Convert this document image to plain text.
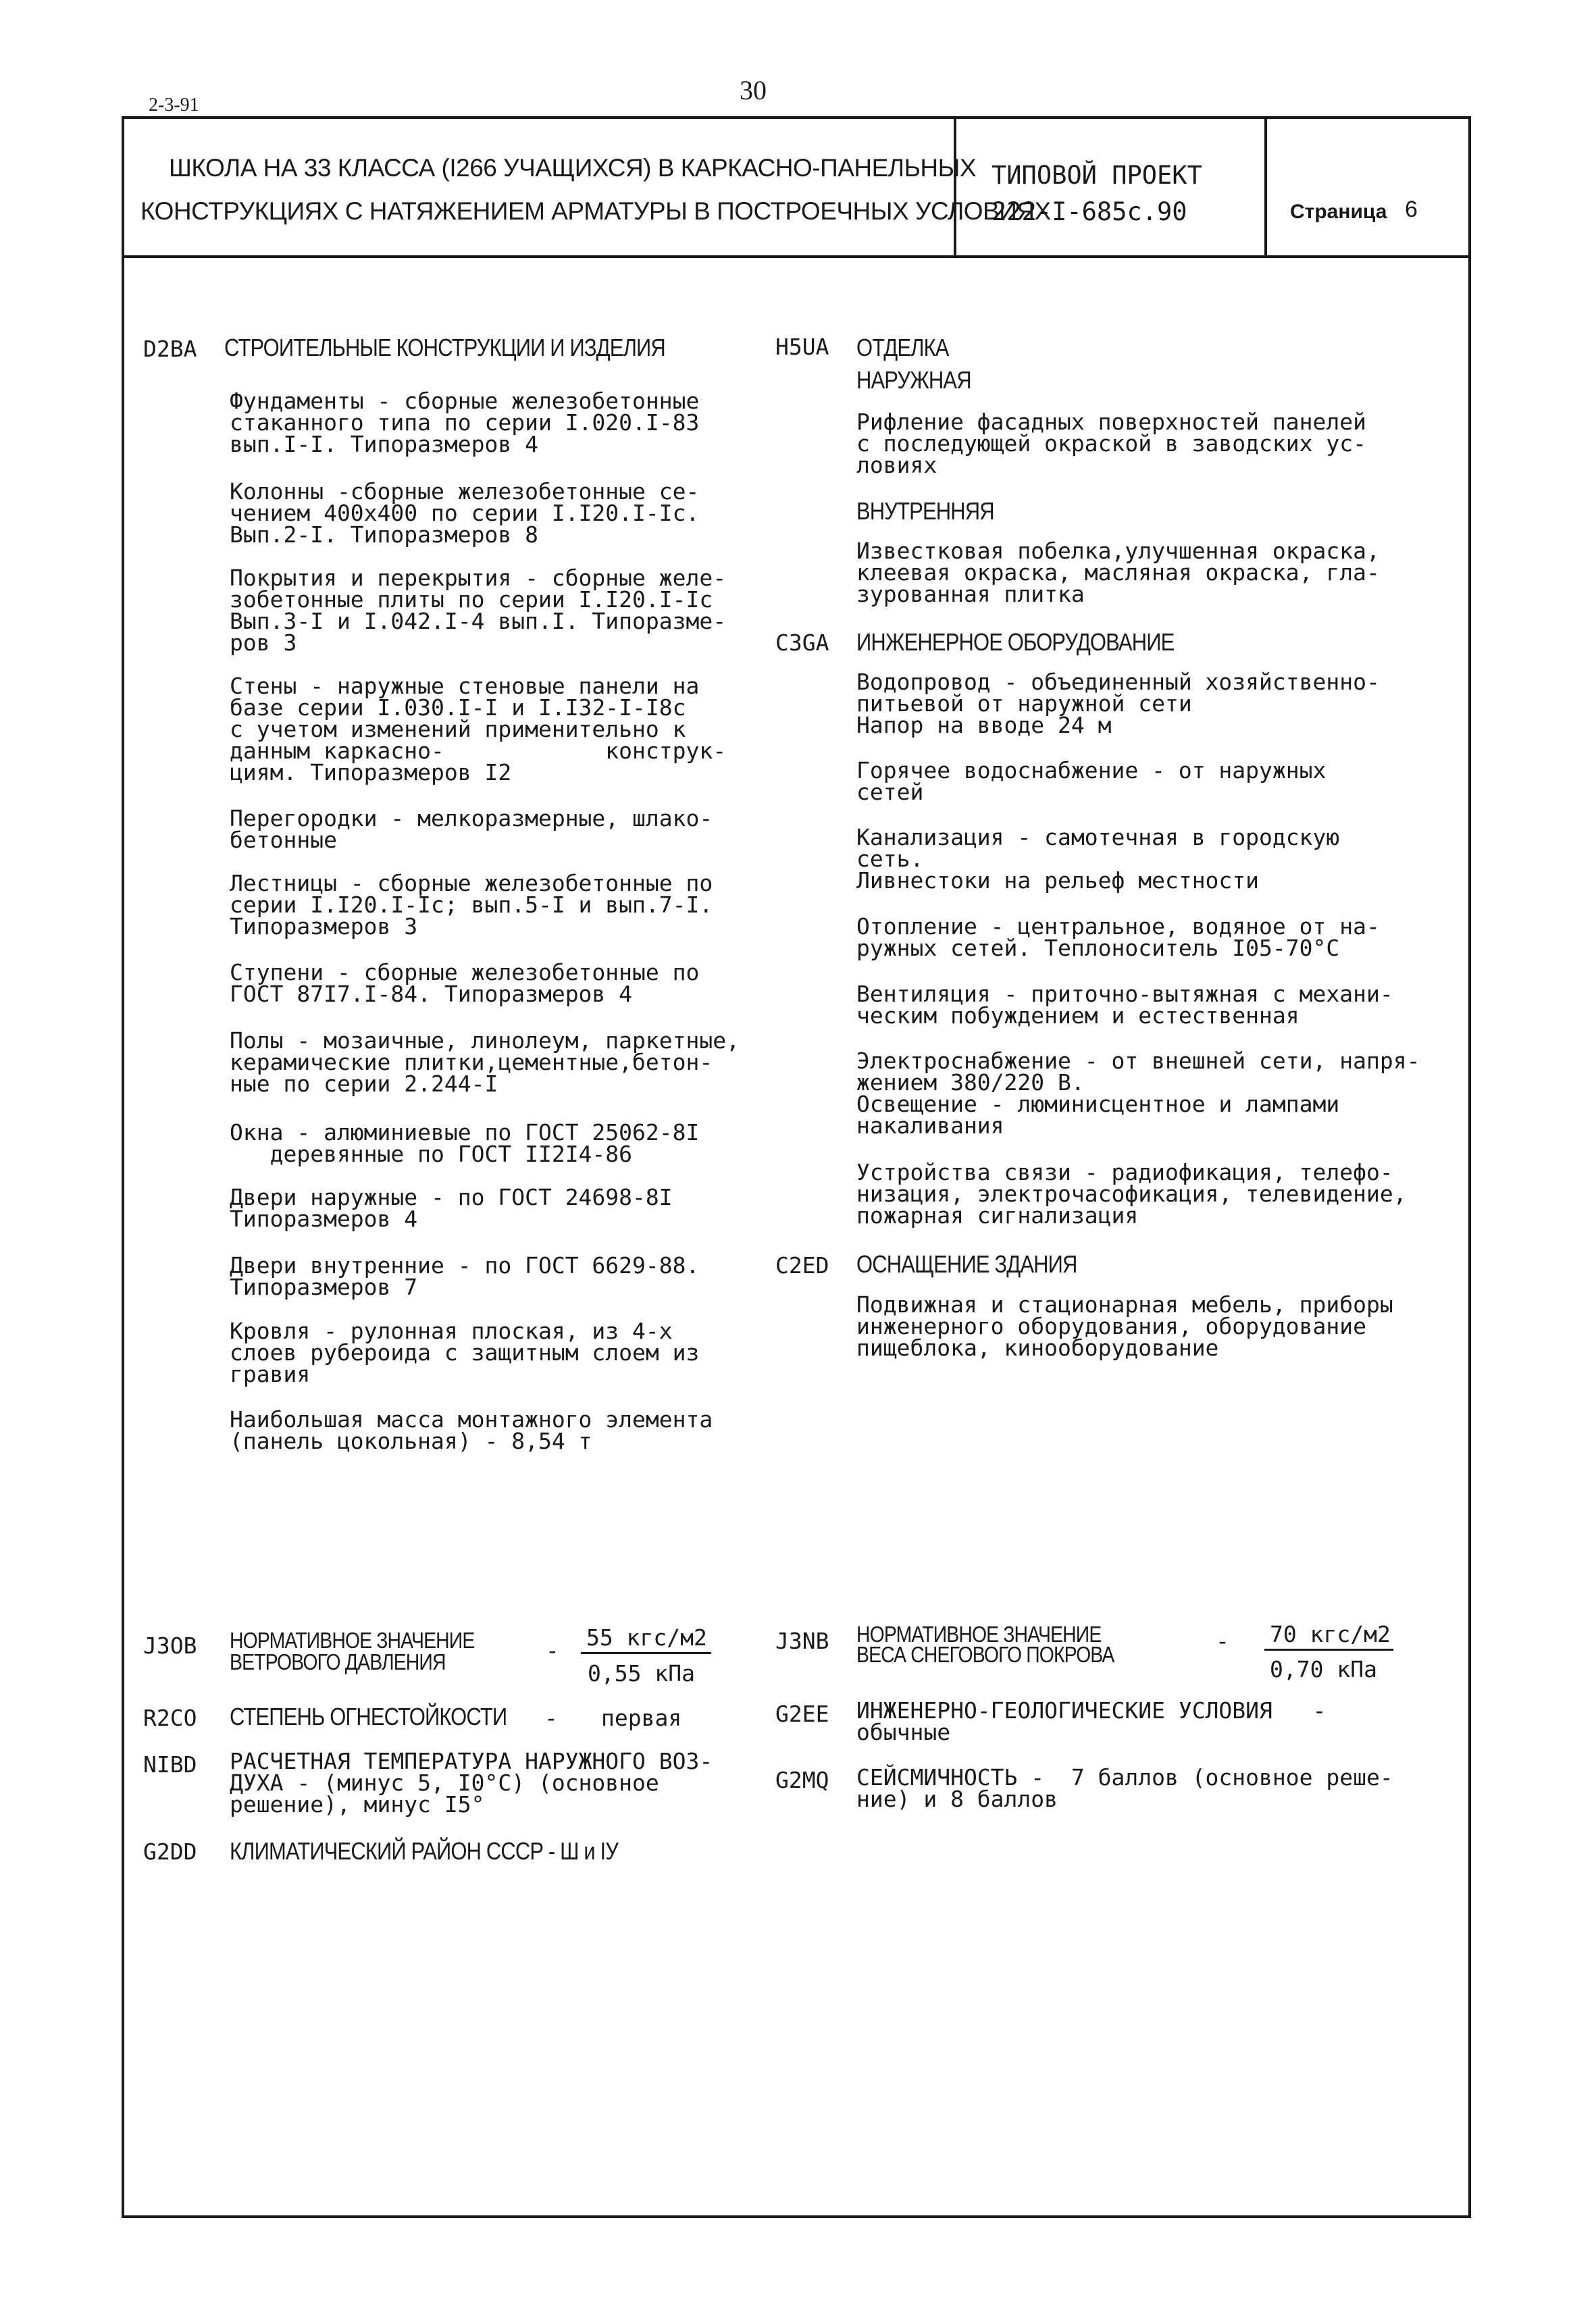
2-3-91	30
ШКОЛА НА 33 КЛАССА (I266 УЧАЩИХСЯ) В КАРКАСНО-ПАНЕЛЬНЫХ
КОНСТРУКЦИЯХ С НАТЯЖЕНИЕМ АРМАТУРЫ В ПОСТРОЕЧНЫХ УСЛОВИЯХ
ТИПОВОЙ ПРОЕКТ
222-I-685с.90	Страница 6
D2BA СТРОИТЕЛЬНЫЕ КОНСТРУКЦИИ И ИЗДЕЛИЯ
Фундаменты - сборные железобетонные
стаканного типа по серии I.020.I-83
вып.I-I. Типоразмеров 4
Колонны -сборные железобетонные се-
чением 400х400 по серии I.I20.I-Iс.
Вып.2-I. Типоразмеров 8
Покрытия и перекрытия - сборные желе-
зобетонные плиты по серии I.I20.I-Iс
Вып.3-I и I.042.I-4 вып.I. Типоразме-
ров 3
Стены - наружные стеновые панели на
базе серии I.030.I-I и I.I32-I-I8с
с учетом изменений применительно к
данным каркасно-            конструк-
циям. Типоразмеров I2
Перегородки - мелкоразмерные, шлако-
бетонные
Лестницы - сборные железобетонные по
серии I.I20.I-Iс; вып.5-I и вып.7-I.
Типоразмеров 3
Ступени - сборные железобетонные по
ГОСТ 87I7.I-84. Типоразмеров 4
Полы - мозаичные, линолеум, паркетные,
керамические плитки,цементные,бетон-
ные по серии 2.244-I
Окна - алюминиевые по ГОСТ 25062-8I
деревянные по ГОСТ II2I4-86
Двери наружные - по ГОСТ 24698-8I
Типоразмеров 4
Двери внутренние - по ГОСТ 6629-88.
Типоразмеров 7
Кровля - рулонная плоская, из 4-х
слоев рубероида с защитным слоем из
гравия
Наибольшая масса монтажного элемента
(панель цокольная) - 8,54 т
H5UA ОТДЕЛКА
НАРУЖНАЯ
Рифление фасадных поверхностей панелей
с последующей окраской в заводских ус-
ловиях
ВНУТРЕННЯЯ
Известковая побелка,улучшенная окраска,
клеевая окраска, масляная окраска, гла-
зурованная плитка
C3GA ИНЖЕНЕРНОЕ ОБОРУДОВАНИЕ
Водопровод - объединенный хозяйственно-
питьевой от наружной сети
Напор на вводе 24 м
Горячее водоснабжение - от наружных
сетей
Канализация - самотечная в городскую
сеть.
Ливнестоки на рельеф местности
Отопление - центральное, водяное от на-
ружных сетей. Теплоноситель I05-70°С
Вентиляция - приточно-вытяжная с механи-
ческим побуждением и естественная
Электроснабжение - от внешней сети, напря-
жением 380/220 В.
Освещение - люминисцентное и лампами
накаливания
Устройства связи - радиофикация, телефо-
низация, электрочасофикация, телевидение,
пожарная сигнализация
C2ED ОСНАЩЕНИЕ ЗДАНИЯ
Подвижная и стационарная мебель, приборы
инженерного оборудования, оборудование
пищеблока, кинооборудование
J3OB НОРМАТИВНОЕ ЗНАЧЕНИЕ
ВЕТРОВОГО ДАВЛЕНИЯ	- 55 кгс/м2
0,55 кПа
R2CO СТЕПЕНЬ ОГНЕСТОЙКОСТИ - первая
NIBD РАСЧЕТНАЯ ТЕМПЕРАТУРА НАРУЖНОГО ВОЗ-
ДУХА - (минус 5, I0°С) (основное
решение), минус I5°
G2DD КЛИМАТИЧЕСКИЙ РАЙОН СССР - Ш и IУ
J3NB НОРМАТИВНОЕ ЗНАЧЕНИЕ
ВЕСА СНЕГОВОГО ПОКРОВА
- 70 кгс/м2
0,70 кПа
G2EE ИНЖЕНЕРНО-ГЕОЛОГИЧЕСКИЕ УСЛОВИЯ   -
обычные
G2MQ СЕЙСМИЧНОСТЬ -  7 баллов (основное реше-
ние) и 8 баллов
